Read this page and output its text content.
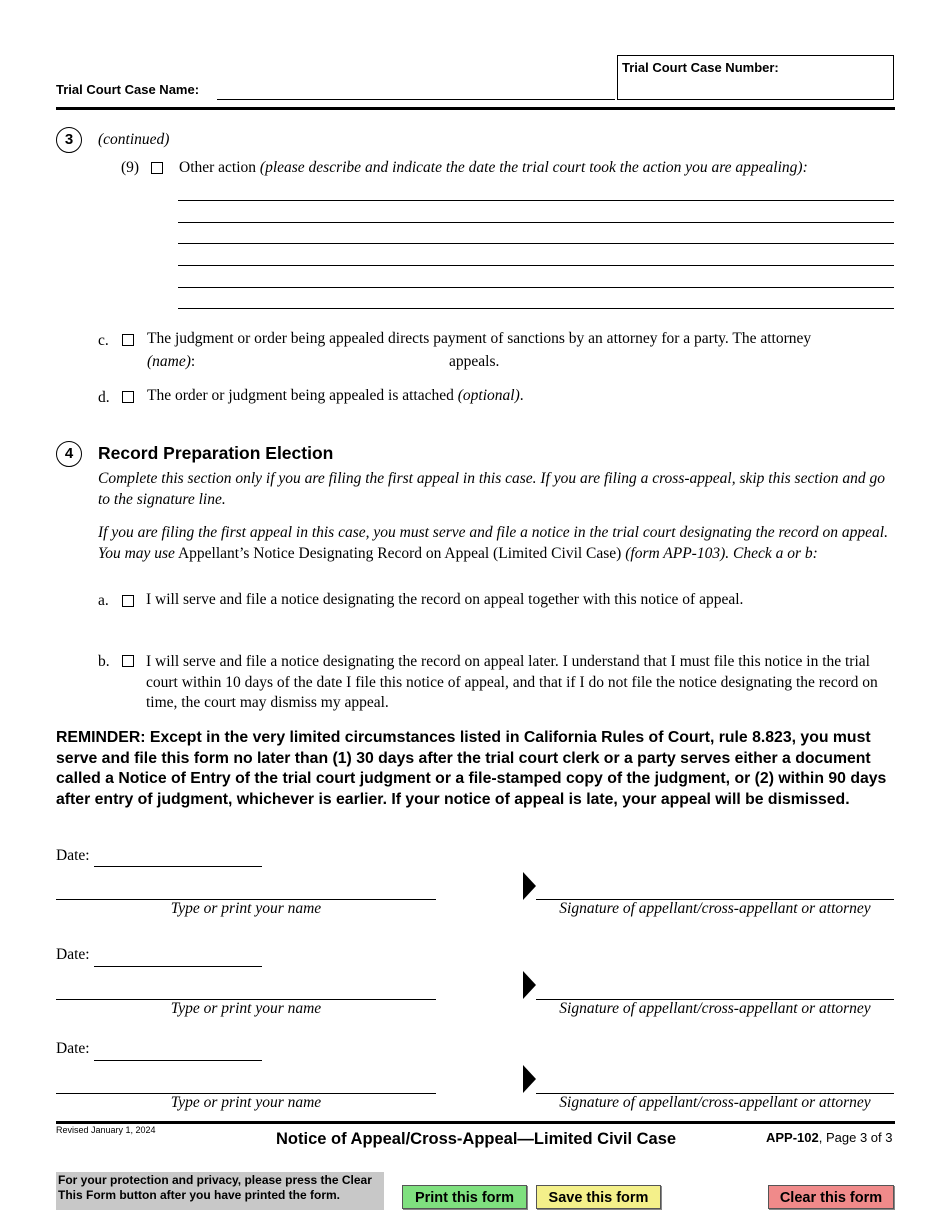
Trial Court Case Name:
Trial Court Case Number:
3	(continued)
(9)	Other action (please describe and indicate the date the trial court took the action you are appealing):
c. The judgment or order being appealed directs payment of sanctions by an attorney for a party. The attorney
(name):	appeals.
d. The order or judgment being appealed is attached (optional).
4	Record Preparation Election
Complete this section only if you are filing the first appeal in this case. If you are filing a cross-appeal, skip this section and go to the signature line.
If you are filing the first appeal in this case, you must serve and file a notice in the trial court designating the record on appeal. You may use Appellant’s Notice Designating Record on Appeal (Limited Civil Case) (form APP-103). Check a or b:
a. I will serve and file a notice designating the record on appeal together with this notice of appeal.
b. I will serve and file a notice designating the record on appeal later. I understand that I must file this notice in the trial court within 10 days of the date I file this notice of appeal, and that if I do not file the notice designating the record on time, the court may dismiss my appeal.
REMINDER: Except in the very limited circumstances listed in California Rules of Court, rule 8.823, you must serve and file this form no later than (1) 30 days after the trial court clerk or a party serves either a document called a Notice of Entry of the trial court judgment or a file-stamped copy of the judgment, or (2) within 90 days after entry of judgment, whichever is earlier. If your notice of appeal is late, your appeal will be dismissed.
Date:
Type or print your name	Signature of appellant/cross-appellant or attorney
Date:
Type or print your name	Signature of appellant/cross-appellant or attorney
Date:
Type or print your name	Signature of appellant/cross-appellant or attorney
Revised January 1, 2024	Notice of Appeal/Cross-Appeal—Limited Civil Case	APP-102, Page 3 of 3
For your protection and privacy, please press the Clear This Form button after you have printed the form.	Print this form	Save this form	Clear this form
